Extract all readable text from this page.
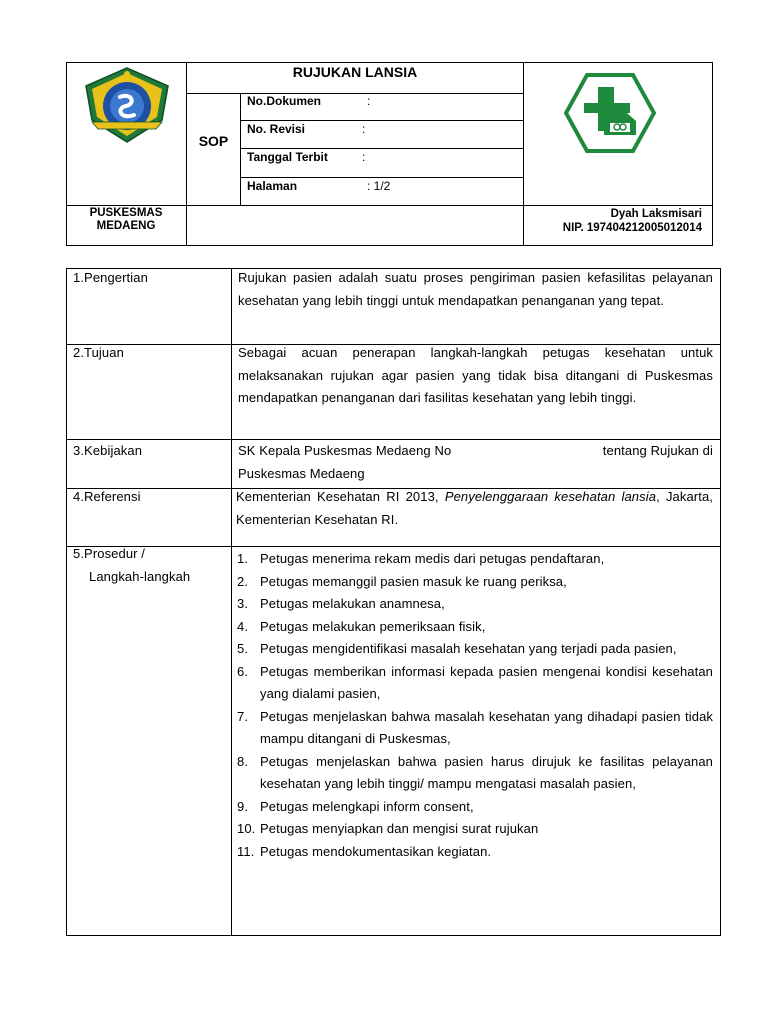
RUJUKAN LANSIA
SOP
No.Dokumen	:
No. Revisi	:
Tanggal Terbit	:
Halaman	: 1/2
PUSKESMAS
MEDAENG
Dyah Laksmisari
NIP. 197404212005012014
1.Pengertian	Rujukan pasien adalah suatu proses pengiriman pasien kefasilitas pelayanan kesehatan yang lebih tinggi untuk mendapatkan penanganan yang tepat.
2.Tujuan	Sebagai acuan penerapan langkah-langkah petugas kesehatan untuk melaksanakan rujukan agar pasien yang tidak bisa ditangani di Puskesmas mendapatkan penanganan dari fasilitas kesehatan yang lebih tinggi.
3.Kebijakan	SK Kepala Puskesmas Medaeng No	tentang Rujukan di
Puskesmas Medaeng
4.Referensi	Kementerian Kesehatan RI 2013, Penyelenggaraan kesehatan lansia, Jakarta, Kementerian Kesehatan RI.
5.Prosedur /
Langkah-langkah
1. Petugas menerima rekam medis dari petugas pendaftaran,
2. Petugas memanggil pasien masuk ke ruang periksa,
3. Petugas melakukan anamnesa,
4. Petugas melakukan pemeriksaan fisik,
5. Petugas mengidentifikasi masalah kesehatan yang terjadi pada pasien,
6. Petugas memberikan informasi kepada pasien mengenai kondisi kesehatan yang dialami pasien,
7. Petugas menjelaskan bahwa masalah kesehatan yang dihadapi pasien tidak mampu ditangani di Puskesmas,
8. Petugas menjelaskan bahwa pasien harus dirujuk ke fasilitas pelayanan kesehatan yang lebih tinggi/ mampu mengatasi masalah pasien,
9. Petugas melengkapi inform consent,
10. Petugas menyiapkan dan mengisi surat rujukan
11. Petugas mendokumentasikan kegiatan.
